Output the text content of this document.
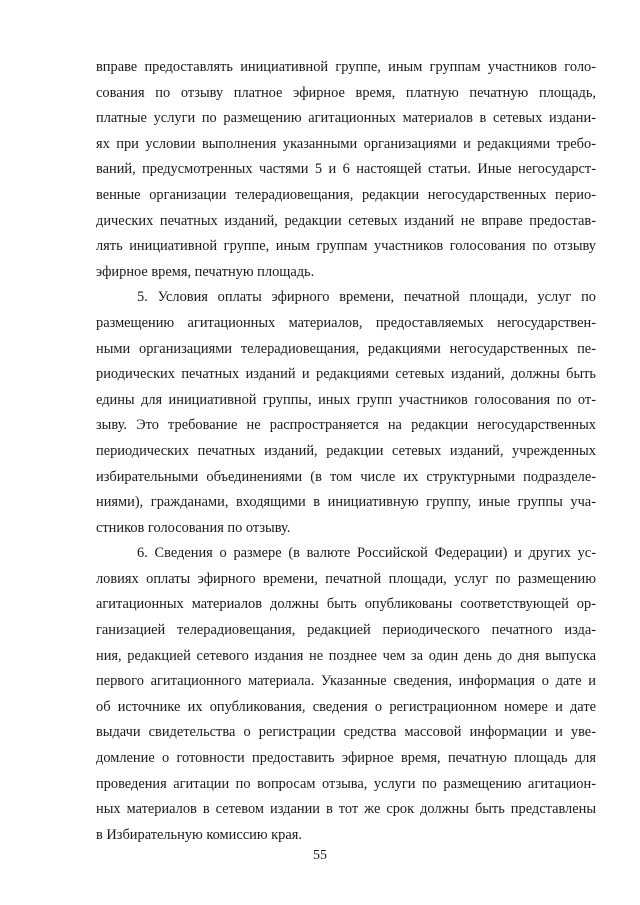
вправе предоставлять инициативной группе, иным группам участников голо-
сования по отзыву платное эфирное время, платную печатную площадь,
платные услуги по размещению агитационных материалов в сетевых издани-
ях при условии выполнения указанными организациями и редакциями требо-
ваний, предусмотренных частями 5 и 6 настоящей статьи. Иные негосударст-
венные организации телерадиовещания, редакции негосударственных перио-
дических печатных изданий, редакции сетевых изданий не вправе предостав-
лять инициативной группе, иным группам участников голосования по отзыву
эфирное время, печатную площадь.
5. Условия оплаты эфирного времени, печатной площади, услуг по
размещению агитационных материалов, предоставляемых негосударствен-
ными организациями телерадиовещания, редакциями негосударственных пе-
риодических печатных изданий и редакциями сетевых изданий, должны быть
едины для инициативной группы, иных групп участников голосования по от-
зыву. Это требование не распространяется на редакции негосударственных
периодических печатных изданий, редакции сетевых изданий, учрежденных
избирательными объединениями (в том числе их структурными подразделе-
ниями), гражданами, входящими в инициативную группу, иные группы уча-
стников голосования по отзыву.
6. Сведения о размере (в валюте Российской Федерации) и других ус-
ловиях оплаты эфирного времени, печатной площади, услуг по размещению
агитационных материалов должны быть опубликованы соответствующей ор-
ганизацией телерадиовещания, редакцией периодического печатного изда-
ния, редакцией сетевого издания не позднее чем за один день до дня выпуска
первого агитационного материала. Указанные сведения, информация о дате и
об источнике их опубликования, сведения о регистрационном номере и дате
выдачи свидетельства о регистрации средства массовой информации и уве-
домление о готовности предоставить эфирное время, печатную площадь для
проведения агитации по вопросам отзыва, услуги по размещению агитацион-
ных материалов в сетевом издании в тот же срок должны быть представлены
в Избирательную комиссию края.
55
